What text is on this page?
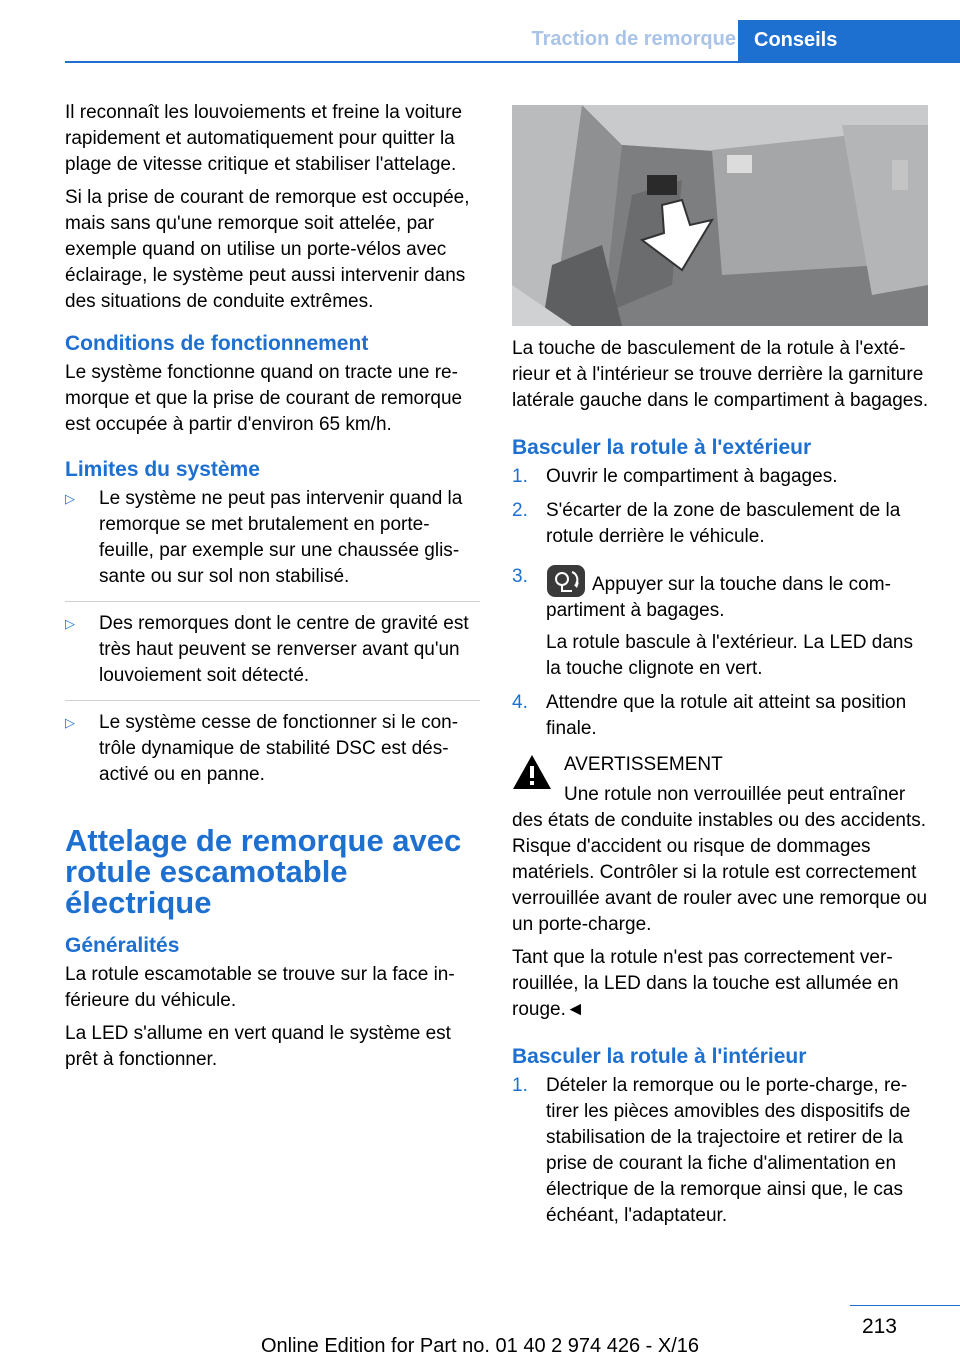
Traction de remorque Conseils

Il reconnaît les louvoiements et freine la voiture rapidement et automatiquement pour quitter la plage de vitesse critique et stabiliser l'attelage.

Si la prise de courant de remorque est occupée, mais sans qu'une remorque soit attelée, par exemple quand on utilise un porte-vélos avec éclairage, le système peut aussi intervenir dans des situations de conduite extrêmes.

Conditions de fonctionnement

Le système fonctionne quand on tracte une remorque et que la prise de courant de remorque est occupée à partir d'environ 65 km/h.

Limites du système
▷ Le système ne peut pas intervenir quand la remorque se met brutalement en porte-feuille, par exemple sur une chaussée glissante ou sur sol non stabilisé.
▷ Des remorques dont le centre de gravité est très haut peuvent se renverser avant qu'un louvoiement soit détecté.
▷ Le système cesse de fonctionner si le contrôle dynamique de stabilité DSC est désactivé ou en panne.
Attelage de remorque avec rotule escamotable électrique
Généralités

La rotule escamotable se trouve sur la face inférieure du véhicule.

La LED s'allume en vert quand le système est prêt à fonctionner.

La touche de basculement de la rotule à l'extérieur et à l'intérieur se trouve derrière la garniture latérale gauche dans le compartiment à bagages.

Basculer la rotule à l'extérieur
1. Ouvrir le compartiment à bagages.
2. S'écarter de la zone de basculement de la rotule derrière le véhicule.
3.	Appuyer sur la touche dans le compartiment à bagages.
La rotule bascule à l'extérieur. La LED dans la touche clignote en vert.
4. Attendre que la rotule ait atteint sa position finale.
AVERTISSEMENT

Une rotule non verrouillée peut entraîner des états de conduite instables ou des accidents. Risque d'accident ou risque de dommages matériels. Contrôler si la rotule est correctement verrouillée avant de rouler avec une remorque ou un porte-charge.

Tant que la rotule n'est pas correctement verrouillée, la LED dans la touche est allumée en rouge.◄

Basculer la rotule à l'intérieur
1. Dételer la remorque ou le porte-charge, retirer les pièces amovibles des dispositifs de stabilisation de la trajectoire et retirer de la prise de courant la fiche d'alimentation en électrique de la remorque ainsi que, le cas échéant, l'adaptateur.
213
Online Edition for Part no. 01 40 2 974 426 - X/16
